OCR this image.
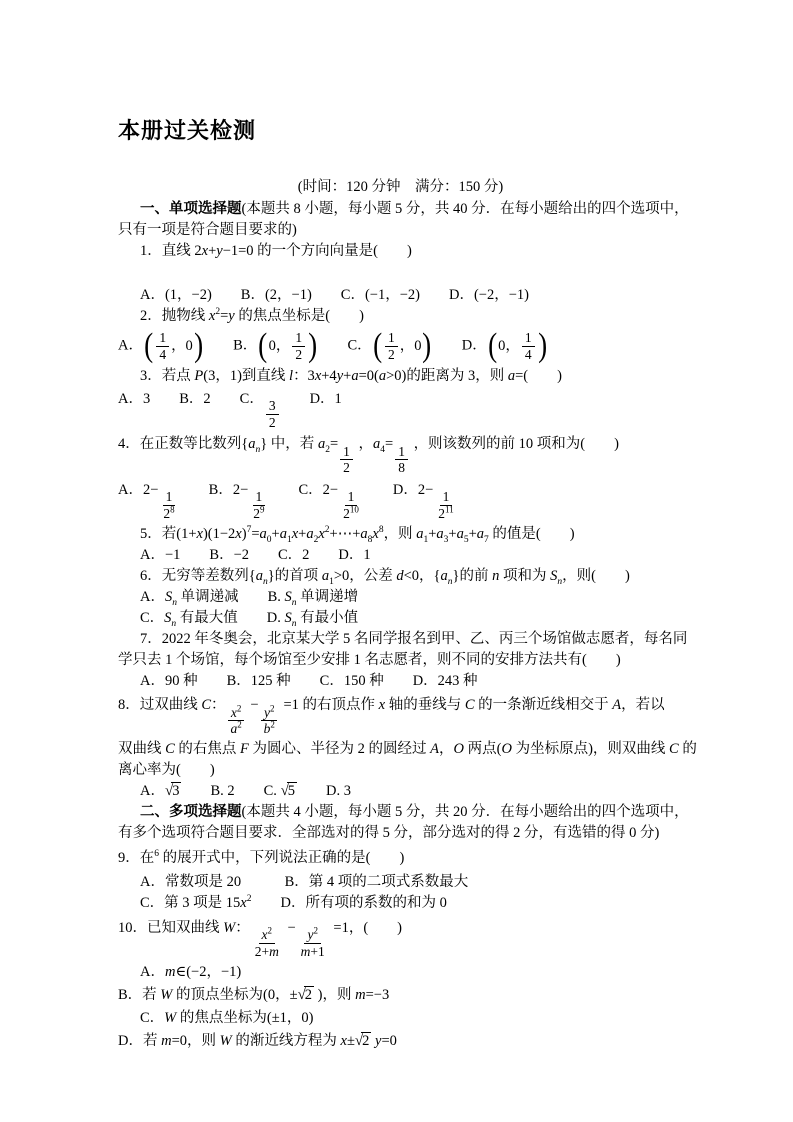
本册过关检测
(时间：120 分钟　满分：150 分)
一、单项选择题(本题共 8 小题，每小题 5 分，共 40 分．在每小题给出的四个选项中，
只有一项是符合题目要求的)
1．直线 2x+y−1=0 的一个方向向量是(　　)
A．(1，−2)　　B．(2，−1)　　C．(−1，−2)　　D．(−2，−1)
2．抛物线 $x^2=y$ 的焦点坐标是(　　)
A． ( $\frac{1}{4}$ ，0 ) 　　B． ( 0， $\frac{1}{2}$ ) 　　C． ( $\frac{1}{2}$ ，0 ) 　　D． ( 0， $\frac{1}{4}$ )
3．若点 P(3，1)到直线 l：3x+4y+a=0(a>0)的距离为 3，则 a=(　　)
A．3　　B．2　　C． $\frac{3}{2}$ 　　D．1
4．在正数等比数列$\{a_n\}$ 中，若 $a_2= \frac{1}{2}$ ，$a_4= \frac{1}{8}$ ，则该数列的前 10 项和为(　　)
A．$2- \frac{1}{2^8}$ 　　B．$2- \frac{1}{2^9}$ 　　C．$2- \frac{1}{2^{10}}$ 　　D．$2- \frac{1}{2^{11}}$
5．若$(1+x)(1-2x)^7=a_0+a_1x+a_2x^2+\cdots+a_8x^8$，则 $a_1+a_3+a_5+a_7$ 的值是(　　)
A．−1　　B．−2　　C．2　　D．1
6．无穷等差数列$\{a_n\}$的首项 $a_1>0$，公差 d<0，$\{a_n\}$的前 n 项和为 $S_n$，则(　　)
A．$S_n$ 单调递减　　B. $S_n$ 单调递增
C．$S_n$ 有最大值　　D. $S_n$ 有最小值
7．2022 年冬奥会，北京某大学 5 名同学报名到甲、乙、丙三个场馆做志愿者，每名同
学只去 1 个场馆，每个场馆至少安排 1 名志愿者，则不同的安排方法共有(　　)
A．90 种　　B．125 种　　C．150 种　　D．243 种
8．过双曲线 C： $\frac{x^2}{a^2} - \frac{y^2}{b^2} =1$ 的右顶点作 x 轴的垂线与 C 的一条渐近线相交于 A，若以
双曲线 C 的右焦点 F 为圆心、半径为 2 的圆经过 A，O 两点(O 为坐标原点)，则双曲线 C 的
离心率为(　　)
A．√3　　B. 2　　C. √5　　D. 3
二、多项选择题(本题共 4 小题，每小题 5 分，共 20 分．在每小题给出的四个选项中，
有多个选项符合题目要求．全部选对的得 5 分，部分选对的得 2 分，有选错的得 0 分)
9．在$^6$ 的展开式中，下列说法正确的是(　　)
A．常数项是 20　　　B．第 4 项的二项式系数最大
C．第 3 项是 $15x^2$　　D．所有项的系数的和为 0
10．已知双曲线 W： $\frac{x^2}{2+m} - \frac{y^2}{m+1} =1$，(　　)
A．m∈(−2，−1)
B．若 W 的顶点坐标为(0，±√2 )，则 m=−3
C．W 的焦点坐标为(±1，0)
D．若 m=0，则 W 的渐近线方程为 x±√2 y=0
